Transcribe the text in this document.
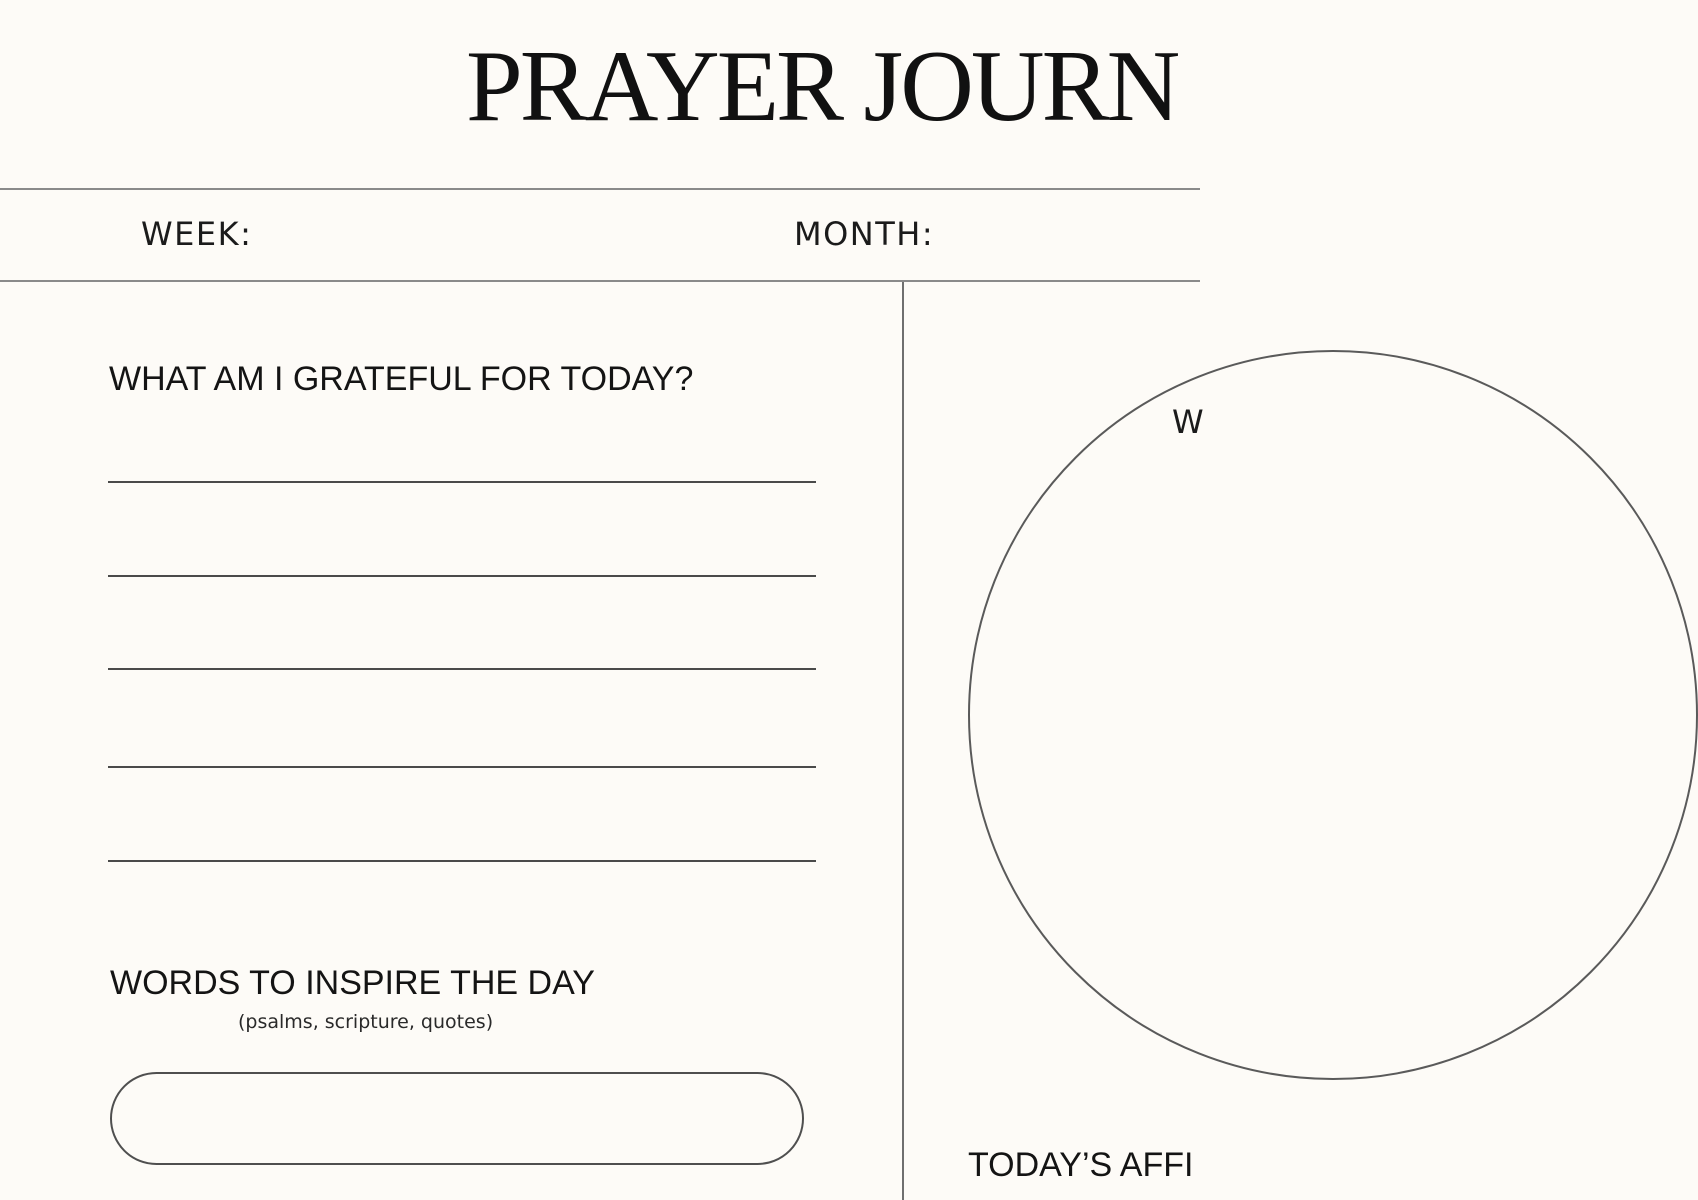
PRAYER JOURN
WEEK:	MONTH:
WHAT AM I GRATEFUL FOR TODAY?
WORDS TO INSPIRE THE DAY
(psalms, scripture, quotes)
W
TODAY’S AFFI
